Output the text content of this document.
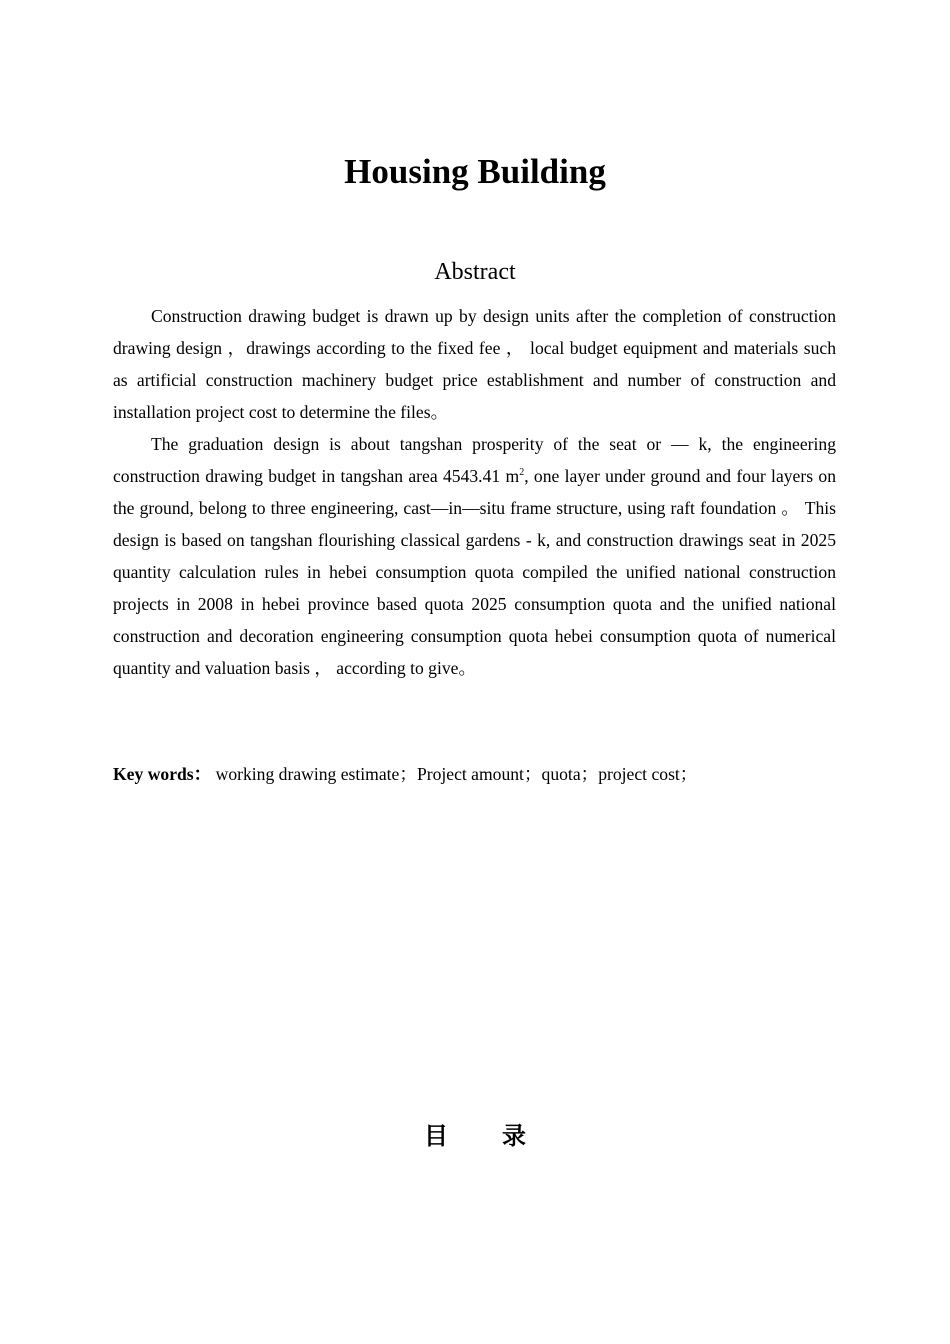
Housing Building
Abstract

Construction drawing budget is drawn up by design units after the completion of construction drawing design ，drawings according to the fixed fee ， local budget equipment and materials such as artificial construction machinery budget price establishment and number of construction and installation project cost to determine the files。

The graduation design is about tangshan prosperity of the seat or — k, the engineering construction drawing budget in tangshan area 4543.41 $m^2$, one layer under ground and four layers on the ground, belong to three engineering, cast—in—situ frame structure, using raft foundation 。 This design is based on tangshan flourishing classical gardens - k, and construction drawings seat in 2025 quantity calculation rules in hebei consumption quota compiled the unified national construction projects in 2008 in hebei province based quota 2025 consumption quota and the unified national construction and decoration engineering consumption quota hebei consumption quota of numerical quantity and valuation basis ， according to give。

Key words： working drawing estimate；Project amount；quota；project cost；

目 录
